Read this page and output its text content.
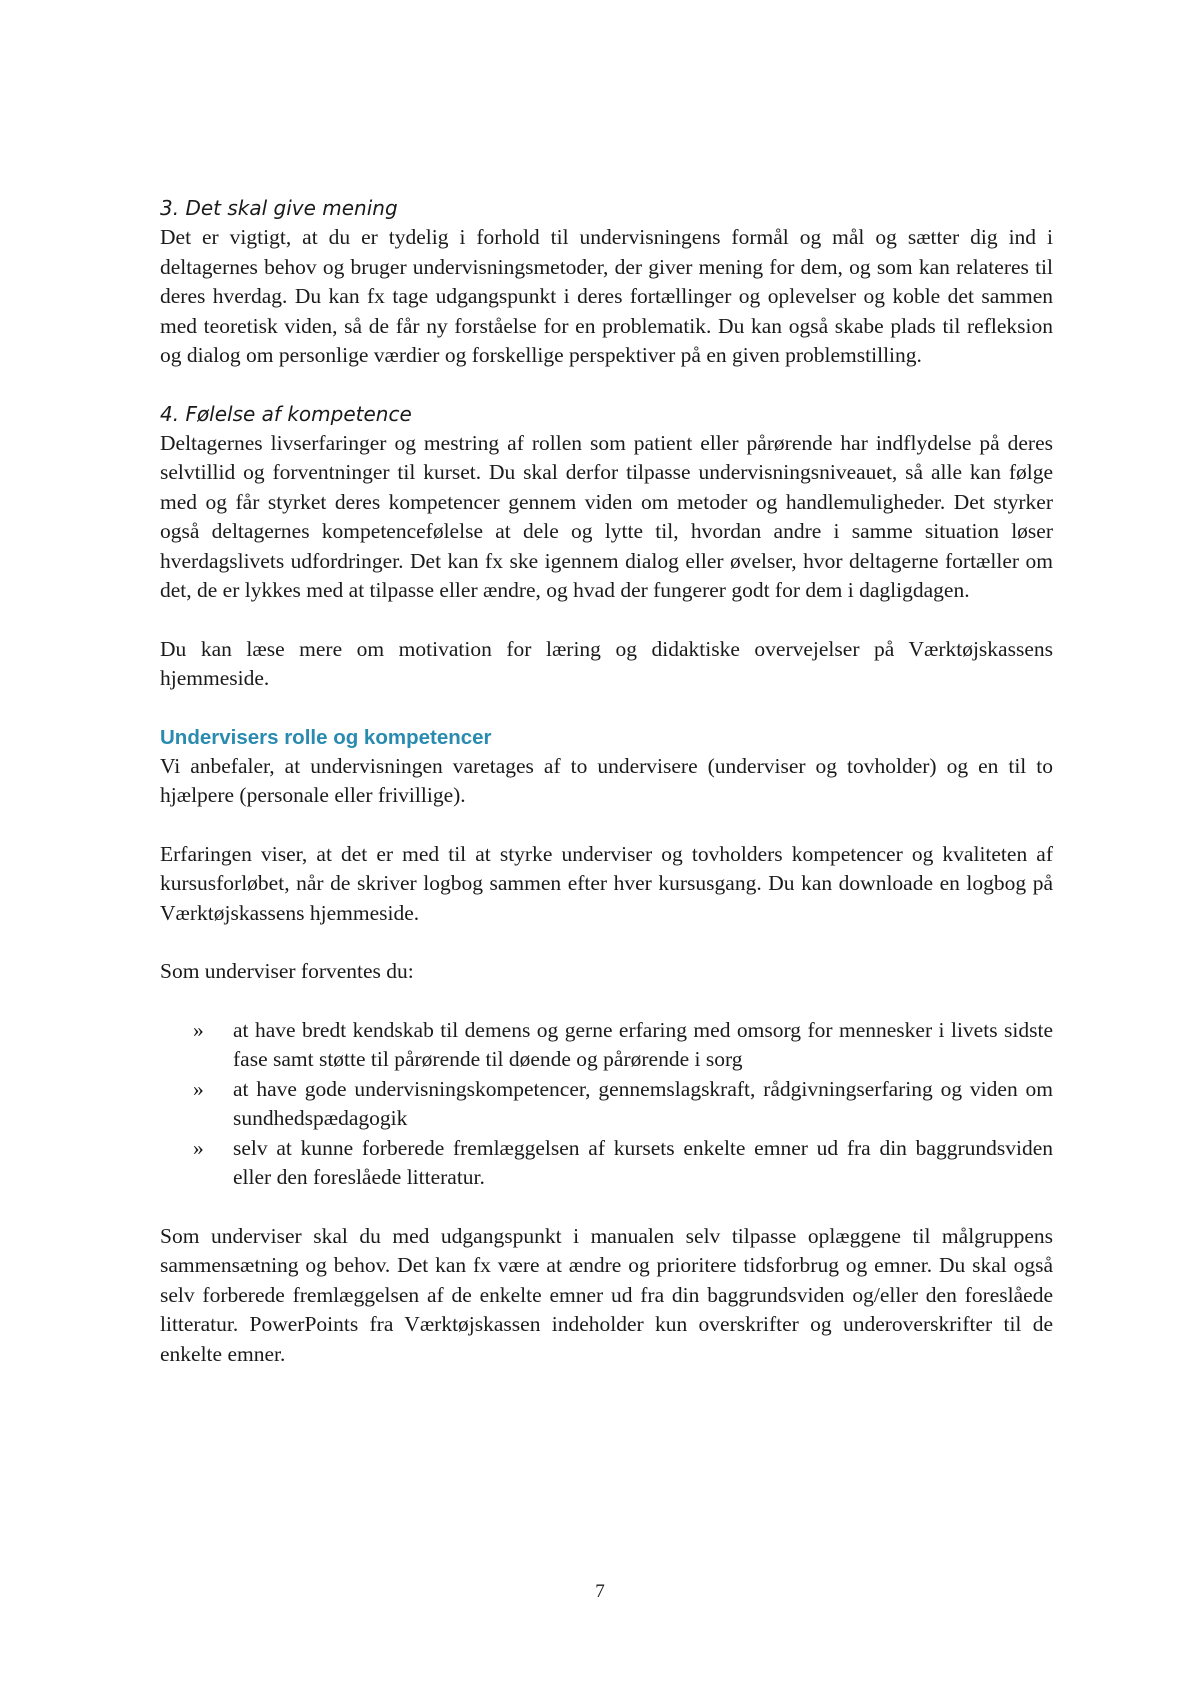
3. Det skal give mening

Det er vigtigt, at du er tydelig i forhold til undervisningens formål og mål og sætter dig ind i deltagernes behov og bruger undervisningsmetoder, der giver mening for dem, og som kan relateres til deres hverdag. Du kan fx tage udgangspunkt i deres fortællinger og oplevelser og koble det sammen med teoretisk viden, så de får ny forståelse for en problematik. Du kan også skabe plads til refleksion og dialog om personlige værdier og forskellige perspektiver på en given problemstilling.

4. Følelse af kompetence

Deltagernes livserfaringer og mestring af rollen som patient eller pårørende har indflydelse på deres selvtillid og forventninger til kurset. Du skal derfor tilpasse undervisningsniveauet, så alle kan følge med og får styrket deres kompetencer gennem viden om metoder og handlemuligheder. Det styrker også deltagernes kompetencefølelse at dele og lytte til, hvordan andre i samme situation løser hverdagslivets udfordringer. Det kan fx ske igennem dialog eller øvelser, hvor deltagerne fortæller om det, de er lykkes med at tilpasse eller ændre, og hvad der fungerer godt for dem i dagligdagen.

Du kan læse mere om motivation for læring og didaktiske overvejelser på Værktøjskassens hjemmeside.

Undervisers rolle og kompetencer

Vi anbefaler, at undervisningen varetages af to undervisere (underviser og tovholder) og en til to hjælpere (personale eller frivillige).

Erfaringen viser, at det er med til at styrke underviser og tovholders kompetencer og kvaliteten af kursusforløbet, når de skriver logbog sammen efter hver kursusgang. Du kan downloade en logbog på Værktøjskassens hjemmeside.

Som underviser forventes du:

» at have bredt kendskab til demens og gerne erfaring med omsorg for mennesker i livets sidste fase samt støtte til pårørende til døende og pårørende i sorg
» at have gode undervisningskompetencer, gennemslagskraft, rådgivningserfaring og viden om sundhedspædagogik
» selv at kunne forberede fremlæggelsen af kursets enkelte emner ud fra din baggrundsviden eller den foreslåede litteratur.

Som underviser skal du med udgangspunkt i manualen selv tilpasse oplæggene til målgruppens sammensætning og behov. Det kan fx være at ændre og prioritere tidsforbrug og emner. Du skal også selv forberede fremlæggelsen af de enkelte emner ud fra din baggrundsviden og/eller den foreslåede litteratur. PowerPoints fra Værktøjskassen indeholder kun overskrifter og underoverskrifter til de enkelte emner.

7
